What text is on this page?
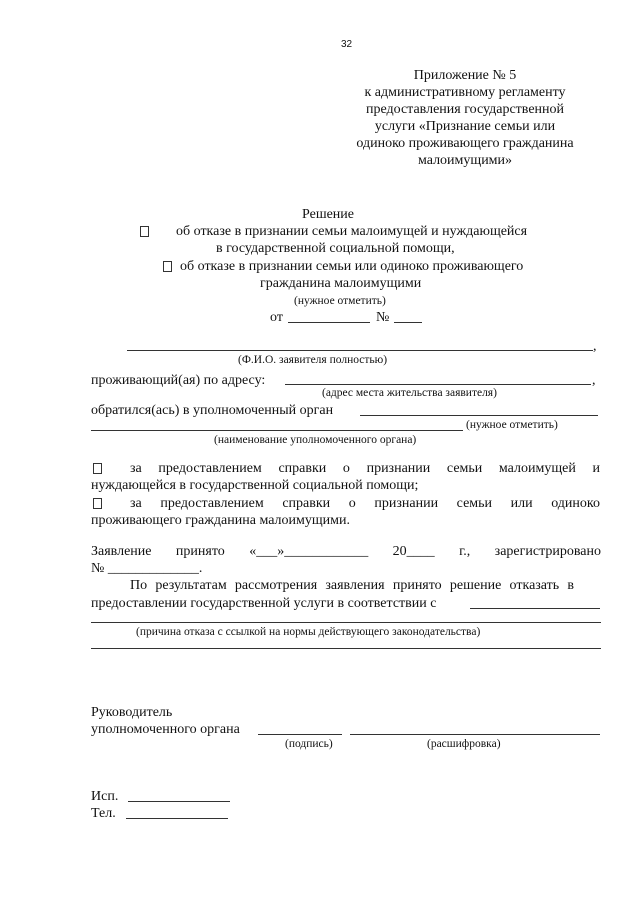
32
Приложение № 5
к административному регламенту
предоставления государственной
услуги «Признание семьи или
одиноко проживающего гражданина
малоимущими»
Решение
об отказе в признании семьи малоимущей и нуждающейся
в государственной социальной помощи,
об отказе в признании семьи или одиноко проживающего
гражданина малоимущими
(нужное отметить)
от	№
,
(Ф.И.О. заявителя полностью)
проживающий(ая) по адресу:	,
(адрес места жительства заявителя)
обратился(ась) в уполномоченный орган
(нужное отметить)
(наименование уполномоченного органа)
за предоставлением справки о признании семьи малоимущей и
нуждающейся в государственной социальной помощи;
за предоставлением справки о признании семьи или одиноко
проживающего гражданина малоимущими.
Заявление принято «___»____________ 20____ г., зарегистрировано
№ _____________.
По результатам рассмотрения заявления принято решение отказать в
предоставлении государственной услуги в соответствии с
(причина отказа с ссылкой на нормы действующего законодательства)
Руководитель
уполномоченного органа
(подпись)	(расшифровка)
Исп.
Тел.
